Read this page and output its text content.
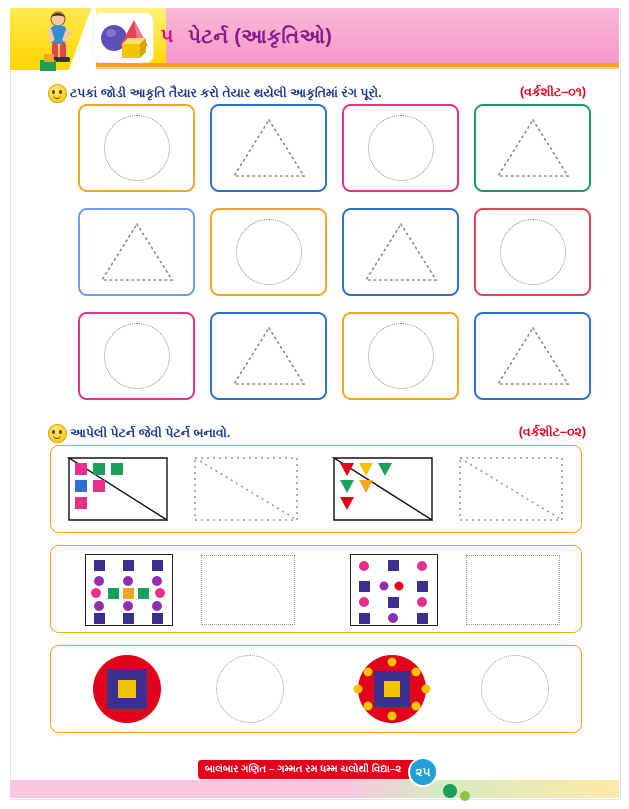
૫ પેટર્ન (આકૃતિઓ)
ટપકાં જોડી આકૃતિ તૈયાર કરો તેયાર થયેલી આકૃતિમાં રંગ પૂરો.	(વર્કશીટ–૦૧)
આપેલી પેટર્ન જેવી પેટર્ન બનાવો.	(વર્કશીટ–૦૨)
બાલંબાર ગણિત – ગમ્મત રમ ધમ્મ ચલોથી વિદ્યા–૨	૨૫
